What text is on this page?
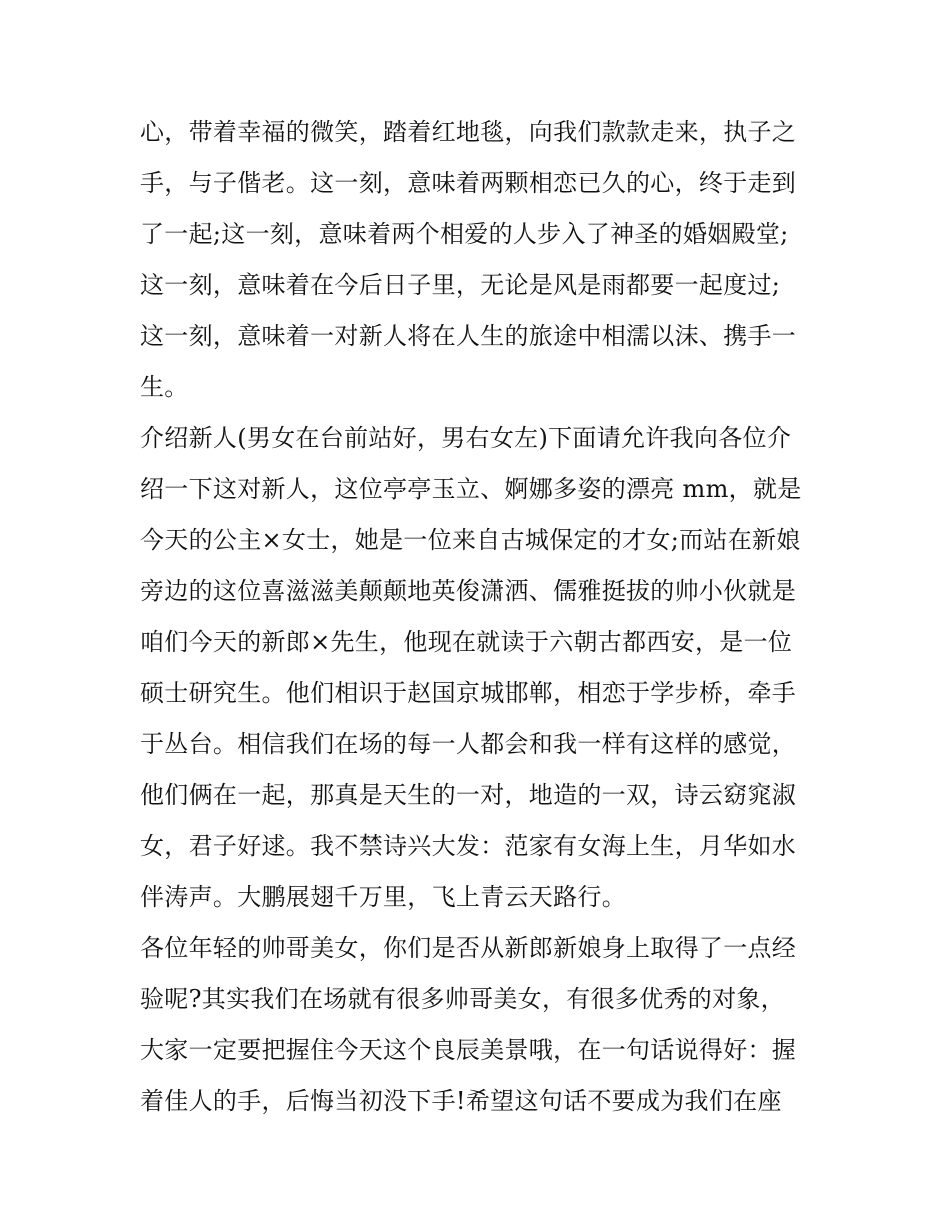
心，带着幸福的微笑，踏着红地毯，向我们款款走来，执子之
手，与子偕老。这一刻，意味着两颗相恋已久的心，终于走到
了一起;这一刻，意味着两个相爱的人步入了神圣的婚姻殿堂;
这一刻，意味着在今后日子里，无论是风是雨都要一起度过;
这一刻，意味着一对新人将在人生的旅途中相濡以沫、携手一
生。
介绍新人(男女在台前站好，男右女左)下面请允许我向各位介
绍一下这对新人，这位亭亭玉立、婀娜多姿的漂亮 mm，就是
今天的公主×女士，她是一位来自古城保定的才女;而站在新娘
旁边的这位喜滋滋美颠颠地英俊潇洒、儒雅挺拔的帅小伙就是
咱们今天的新郎×先生，他现在就读于六朝古都西安，是一位
硕士研究生。他们相识于赵国京城邯郸，相恋于学步桥，牵手
于丛台。相信我们在场的每一人都会和我一样有这样的感觉，
他们俩在一起，那真是天生的一对，地造的一双，诗云窈窕淑
女，君子好逑。我不禁诗兴大发：范家有女海上生，月华如水
伴涛声。大鹏展翅千万里，飞上青云天路行。
各位年轻的帅哥美女，你们是否从新郎新娘身上取得了一点经
验呢?其实我们在场就有很多帅哥美女，有很多优秀的对象，
大家一定要把握住今天这个良辰美景哦，在一句话说得好：握
着佳人的手，后悔当初没下手!希望这句话不要成为我们在座
